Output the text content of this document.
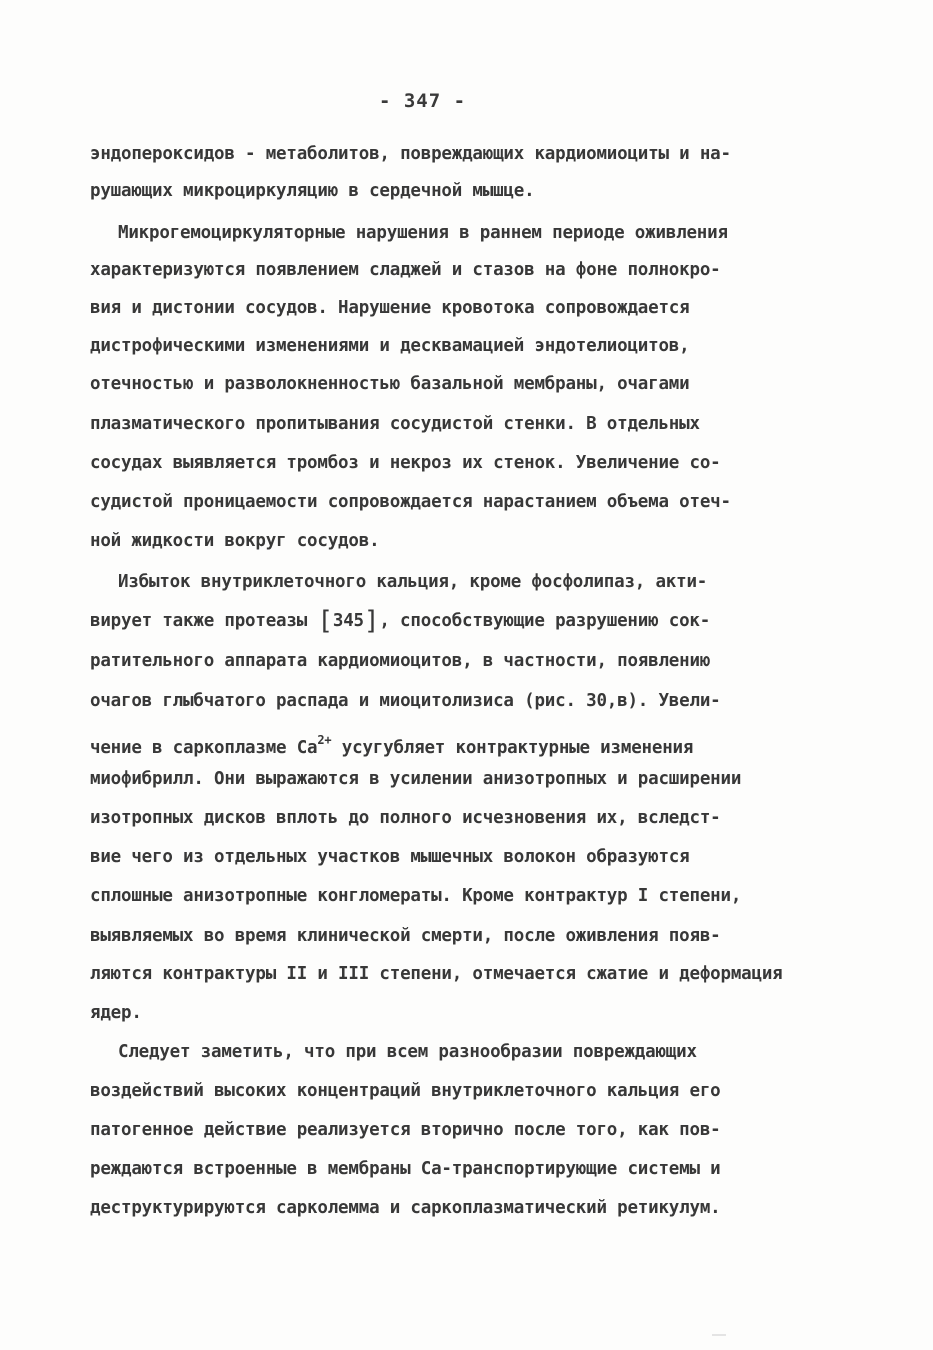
- 347 -
эндопероксидов - метаболитов, повреждающих кардиомиоциты и на-
рушающих микроциркуляцию в сердечной мышце.
Микрогемоциркуляторные нарушения в раннем периоде оживления
характеризуются появлением сладжей и стазов на фоне полнокро-
вия и дистонии сосудов. Нарушение кровотока сопровождается
дистрофическими изменениями и десквамацией эндотелиоцитов,
отечностью и разволокненностью базальной мембраны, очагами
плазматического пропитывания сосудистой стенки. В отдельных
сосудах выявляется тромбоз и некроз их стенок. Увеличение со-
судистой проницаемости сопровождается нарастанием объема отеч-
ной жидкости вокруг сосудов.
Избыток внутриклеточного кальция, кроме фосфолипаз, акти-
вирует также протеазы [345], способствующие разрушению сок-
ратительного аппарата кардиомиоцитов, в частности, появлению
очагов глыбчатого распада и миоцитолизиса (рис. 30,в). Увели-
чение в саркоплазме $Ca^{2+}$ усугубляет контрактурные изменения
миофибрилл. Они выражаются в усилении анизотропных и расширении
изотропных дисков вплоть до полного исчезновения их, вследст-
вие чего из отдельных участков мышечных волокон образуются
сплошные анизотропные конгломераты. Кроме контрактур I степени,
выявляемых во время клинической смерти, после оживления появ-
ляются контрактуры II и III степени, отмечается сжатие и деформация
ядер.
Следует заметить, что при всем разнообразии повреждающих
воздействий высоких концентраций внутриклеточного кальция его
патогенное действие реализуется вторично после того, как пов-
реждаются встроенные в мембраны Ca-транспортирующие системы и
деструктурируются сарколемма и саркоплазматический ретикулум.
